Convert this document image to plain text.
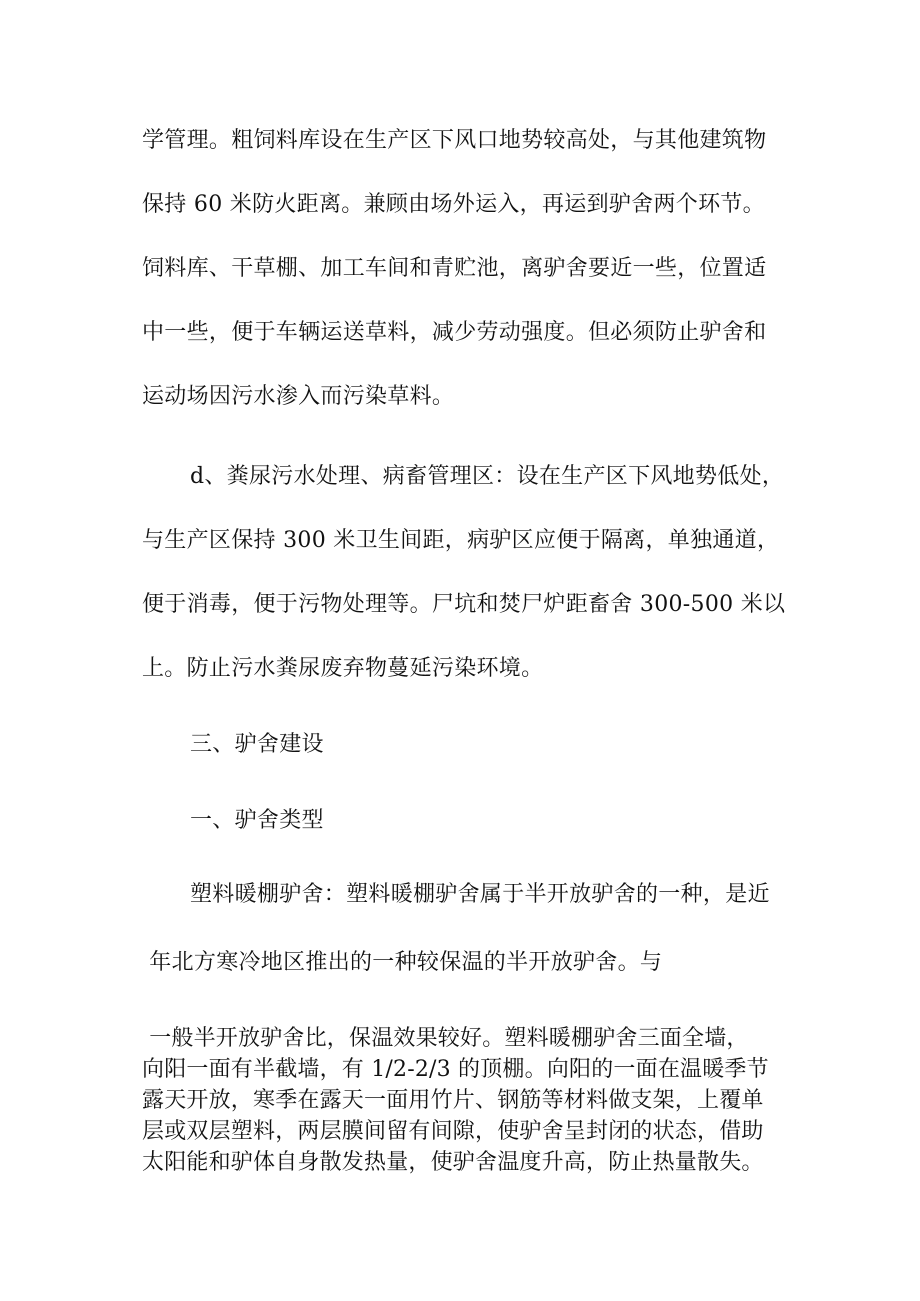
学管理。粗饲料库设在生产区下风口地势较高处，与其他建筑物
保持 60 米防火距离。兼顾由场外运入，再运到驴舍两个环节。
饲料库、干草棚、加工车间和青贮池，离驴舍要近一些，位置适
中一些，便于车辆运送草料，减少劳动强度。但必须防止驴舍和
运动场因污水渗入而污染草料。
d、粪尿污水处理、病畜管理区：设在生产区下风地势低处，
与生产区保持 300 米卫生间距，病驴区应便于隔离，单独通道，
便于消毒，便于污物处理等。尸坑和焚尸炉距畜舍 300-500 米以
上。防止污水粪尿废弃物蔓延污染环境。
三、驴舍建设
一、驴舍类型
塑料暖棚驴舍：塑料暖棚驴舍属于半开放驴舍的一种，是近
年北方寒冷地区推出的一种较保温的半开放驴舍。与
一般半开放驴舍比，保温效果较好。塑料暖棚驴舍三面全墙，
向阳一面有半截墙，有 1/2-2/3 的顶棚。向阳的一面在温暖季节
露天开放，寒季在露天一面用竹片、钢筋等材料做支架，上覆单
层或双层塑料，两层膜间留有间隙，使驴舍呈封闭的状态，借助
太阳能和驴体自身散发热量，使驴舍温度升高，防止热量散失。
